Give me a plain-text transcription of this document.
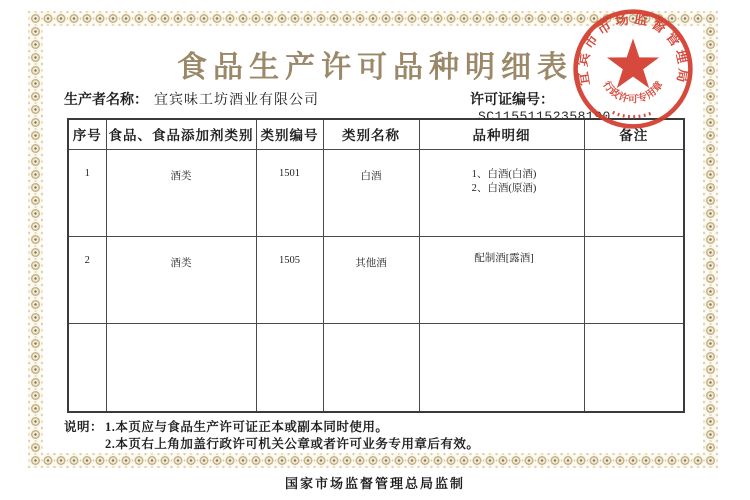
食品生产许可品种明细表
生产者名称： 宜宾味工坊酒业有限公司	许可证编号：SC11551152358190
序号	食品、食品添加剂类别	类别编号	类别名称	品种明细	备注
1	酒类	1501	白酒	1、白酒(白酒)
2、白酒(原酒)	

2	酒类	1505	其他酒	配制酒[露酒]	

说明： 1.本页应与食品生产许可证正本或副本同时使用。
2.本页右上角加盖行政许可机关公章或者许可业务专用章后有效。
国家市场监督管理总局监制
宜宾市市场监督管理局
行政许可专用章
